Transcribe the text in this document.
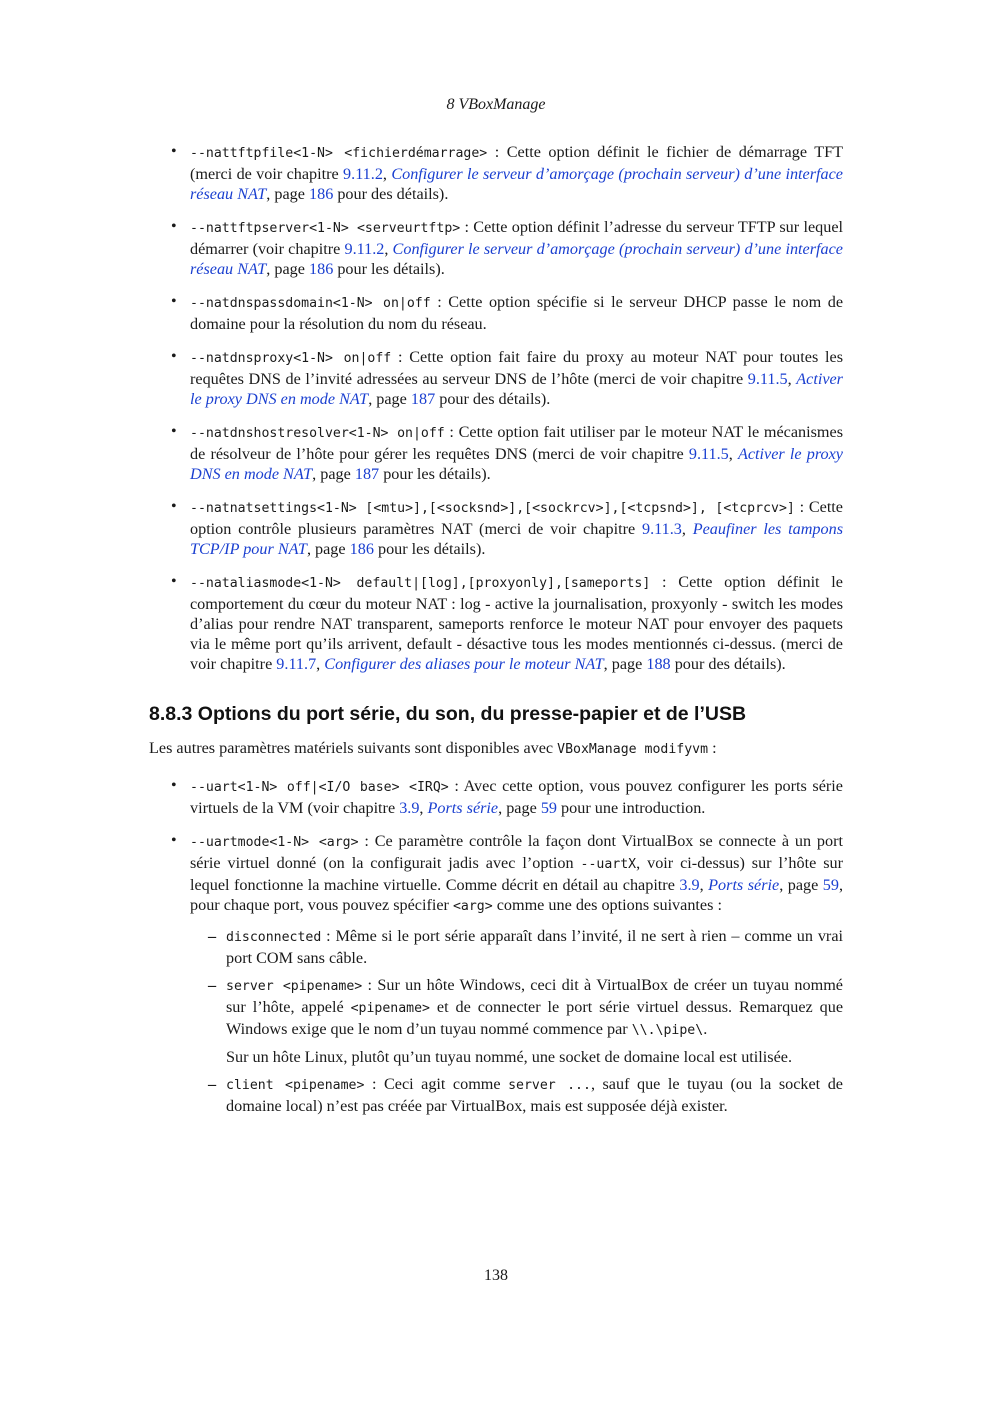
8 VBoxManage
• --nattftpfile<1-N> <fichierdémarrage> : Cette option définit le fichier de démarrage TFT (merci de voir chapitre 9.11.2, Configurer le serveur d’amorçage (prochain serveur) d’une interface réseau NAT, page 186 pour des détails).
• --nattftpserver<1-N> <serveurtftp> : Cette option définit l’adresse du serveur TFTP sur lequel démarrer (voir chapitre 9.11.2, Configurer le serveur d’amorçage (prochain serveur) d’une interface réseau NAT, page 186 pour les détails).
• --natdnspassdomain<1-N> on|off : Cette option spécifie si le serveur DHCP passe le nom de domaine pour la résolution du nom du réseau.
• --natdnsproxy<1-N> on|off : Cette option fait faire du proxy au moteur NAT pour toutes les requêtes DNS de l’invité adressées au serveur DNS de l’hôte (merci de voir chapitre 9.11.5, Activer le proxy DNS en mode NAT, page 187 pour des détails).
• --natdnshostresolver<1-N> on|off : Cette option fait utiliser par le moteur NAT le mécanismes de résolveur de l’hôte pour gérer les requêtes DNS (merci de voir chapitre 9.11.5, Activer le proxy DNS en mode NAT, page 187 pour les détails).
• --natnatsettings<1-N> [<mtu>],[<socksnd>],[<sockrcv>],[<tcpsnd>], [<tcprcv>] : Cette option contrôle plusieurs paramètres NAT (merci de voir chapitre 9.11.3, Peaufiner les tampons TCP/IP pour NAT, page 186 pour les détails).
• --nataliasmode<1-N> default|[log],[proxyonly],[sameports] : Cette option définit le comportement du cœur du moteur NAT : log - active la journalisation, proxyonly - switch les modes d’alias pour rendre NAT transparent, sameports renforce le moteur NAT pour envoyer des paquets via le même port qu’ils arrivent, default - désactive tous les modes mentionnés ci-dessus. (merci de voir chapitre 9.11.7, Configurer des aliases pour le moteur NAT, page 188 pour des détails).
8.8.3 Options du port série, du son, du presse-papier et de l’USB

Les autres paramètres matériels suivants sont disponibles avec VBoxManage modifyvm :

• --uart<1-N> off|<I/O base> <IRQ> : Avec cette option, vous pouvez configurer les ports série virtuels de la VM (voir chapitre 3.9, Ports série, page 59 pour une introduction.
• --uartmode<1-N> <arg> : Ce paramètre contrôle la façon dont VirtualBox se connecte à un port série virtuel donné (on la configurait jadis avec l’option --uartX, voir ci-dessus) sur l’hôte sur lequel fonctionne la machine virtuelle. Comme décrit en détail au chapitre 3.9, Ports série, page 59, pour chaque port, vous pouvez spécifier <arg> comme une des options suivantes :
– disconnected : Même si le port série apparaît dans l’invité, il ne sert à rien – comme un vrai port COM sans câble.
– server <pipename> : Sur un hôte Windows, ceci dit à VirtualBox de créer un tuyau nommé sur l’hôte, appelé <pipename> et de connecter le port série virtuel dessus. Remarquez que Windows exige que le nom d’un tuyau nommé commence par \\.\pipe\.
Sur un hôte Linux, plutôt qu’un tuyau nommé, une socket de domaine local est utilisée.
– client <pipename> : Ceci agit comme server ..., sauf que le tuyau (ou la socket de domaine local) n’est pas créée par VirtualBox, mais est supposée déjà exister.
138
